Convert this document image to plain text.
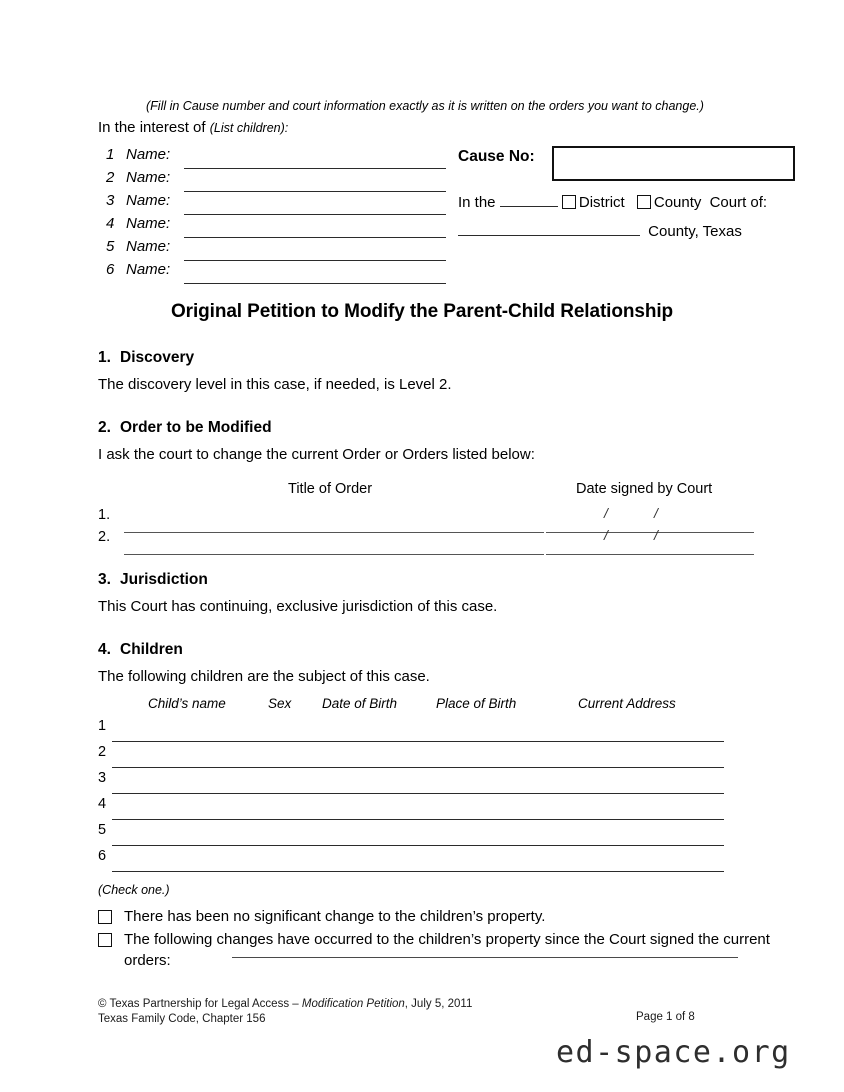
(Fill in Cause number and court information exactly as it is written on the orders you want to change.)
In the interest of (List children):
1 Name:
2 Name:
3 Name:
4 Name:
5 Name:
6 Name:
Cause No:
In the	District County Court of:
County, Texas
Original Petition to Modify the Parent-Child Relationship
1. Discovery
The discovery level in this case, if needed, is Level 2.
2. Order to be Modified
I ask the court to change the current Order or Orders listed below:
Title of Order	Date signed by Court
1.	/	/
2.	/	/
3. Jurisdiction
This Court has continuing, exclusive jurisdiction of this case.
4. Children
The following children are the subject of this case.
Child’s name	Sex Date of Birth	Place of Birth	Current Address
1
2
3
4
5
6
(Check one.)
There has been no significant change to the children’s property.
The following changes have occurred to the children’s property since the Court signed the current orders:
© Texas Partnership for Legal Access – Modification Petition, July 5, 2011
Texas Family Code, Chapter 156	Page 1 of 8
ed-space.org
